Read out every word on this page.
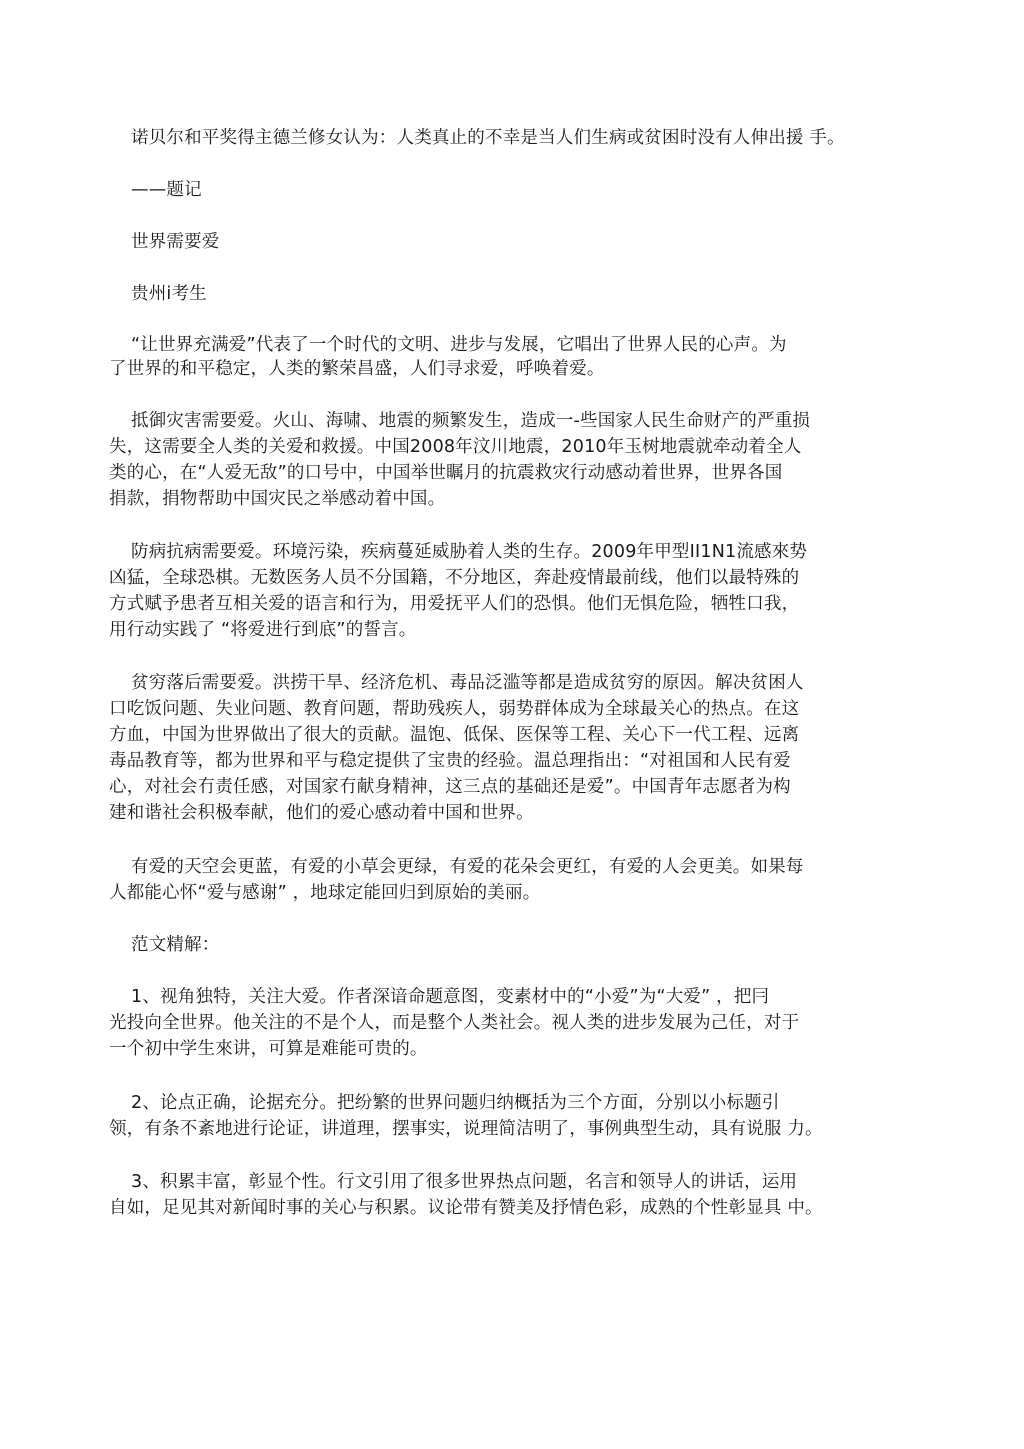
诺贝尔和平奖得主德兰修女认为：人类真止的不幸是当人们生病或贫困时没有人伸出援 手。

——题记

世界需要爱

贵州i考生

“让世界充满爱”代表了一个时代的文明、进步与发展，它唱出了世界人民的心声。为

了世界的和平稳定，人类的繁荣昌盛，人们寻求爱，呼唤着爱。

抵御灾害需要爱。火山、海啸、地震的频繁发生，造成一-些国家人民生命财产的严重损

失，这需要全人类的关爱和救援。中国2008年汶川地震，2010年玉树地震就牵动着全人

类的心，在“人爱无敌”的口号中，中国举世瞩月的抗震救灾行动感动着世界，世界各国

捐款，捐物帮助中国灾民之举感动着中国。

防病抗病需要爱。环境污染，疾病蔓延威胁着人类的生存。2009年甲型II1N1流感來势

凶猛，全球恐棋。无数医务人员不分国籍，不分地区，奔赴疫情最前线，他们以最特殊的

方式赋予患者互相关爱的语言和行为，用爱抚平人们的恐惧。他们无惧危险，牺牲口我，

用行动实践了 “将爱进行到底”的誓言。

贫穷落后需要爱。洪捞干旱、经济危机、毒品泛滥等都是造成贫穷的原因。解决贫困人

口吃饭问题、失业问题、教育问题，帮助残疾人，弱势群体成为全球最关心的热点。在这

方血，中国为世界做出了很大的贡献。温饱、低保、医保等工程、关心下一代工程、远离

毒品教育等，都为世界和平与稳定提供了宝贵的经验。温总理指出：“对祖国和人民有爱

心，对社会冇责任感，对国家冇献身精神，这三点的基础还是爱”。中国青年志愿者为构

建和谐社会积极奉献，他们的爱心感动着中国和世界。

有爱的天空会更蓝，有爱的小草会更绿，有爱的花朵会更红，有爱的人会更美。如果每

人都能心怀“爱与感谢” ，地球定能回归到原始的美丽。

范文精解：

1、视角独特，关注大爱。作者深谙命题意图，变素材中的“小爱”为“大爱” ，把冃

光投向全世界。他关注的不是个人，而是整个人类社会。视人类的进步发展为己任，对于

一个初中学生來讲，可算是难能可贵的。

2、论点正确，论据充分。把纷繁的世界问题归纳概括为三个方面，分别以小标题引

领，有条不紊地进行论证，讲道理，摆事实，说理简洁明了，事例典型生动，具有说服 力。

3、积累丰富，彰显个性。行文引用了很多世界热点问题，名言和领导人的讲话，运用

自如，足见其对新闻时事的关心与积累。议论带有赞美及抒情色彩，成熟的个性彰显具 中。
